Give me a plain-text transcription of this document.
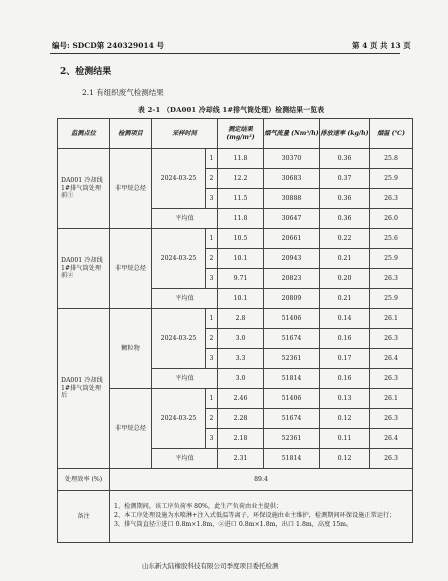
编号: SDCD第 240329014 号	第 4 页 共 13 页
2、检测结果
2.1 有组织废气检测结果
表 2-1 （DA001 冷却线 1#排气筒处理）检测结果一览表
监测点位	检测项目	采样时间		测定结果 (mg/m³)	烟气流量 (Nm³/h)	排放速率 (kg/h)	烟温 (℃)
DA001 冷却线 1#排气筒处理前①	非甲烷总烃	2024-03-25	1	11.8	30370	0.36	25.8
			2	12.2	30683	0.37	25.9
			3	11.5	30888	0.36	26.3
		平均值		11.8	30647	0.36	26.0
DA001 冷却线 1#排气筒处理前②	非甲烷总烃	2024-03-25	1	10.5	20661	0.22	25.6
			2	10.1	20943	0.21	25.9
			3	9.71	20823	0.20	26.3
		平均值		10.1	20809	0.21	25.9
DA001 冷却线 1#排气筒处理后	颗粒物	2024-03-25	1	2.8	51406	0.14	26.1
			2	3.0	51674	0.16	26.3
			3	3.3	52361	0.17	26.4
		平均值		3.0	51814	0.16	26.3
	非甲烷总烃	2024-03-25	1	2.46	51406	0.13	26.1
			2	2.28	51674	0.12	26.3
			3	2.18	52361	0.11	26.4
		平均值		2.31	51814	0.12	26.3
处理效率 (%)	89.4						
备注	1、检测期间，该工序负荷率 80%，此生产负荷由业主提供；
2、本工序处理设施为水喷淋+注入式低温等离子，环保设施由业主维护，检测期间环保设施正常运行；
3、排气筒直径①进口 0.8m×1.8m，②进口 0.8m×1.8m，出口 1.8m，高度 15m。						
山东新大陆橡胶科技有限公司季度项目委托检测
